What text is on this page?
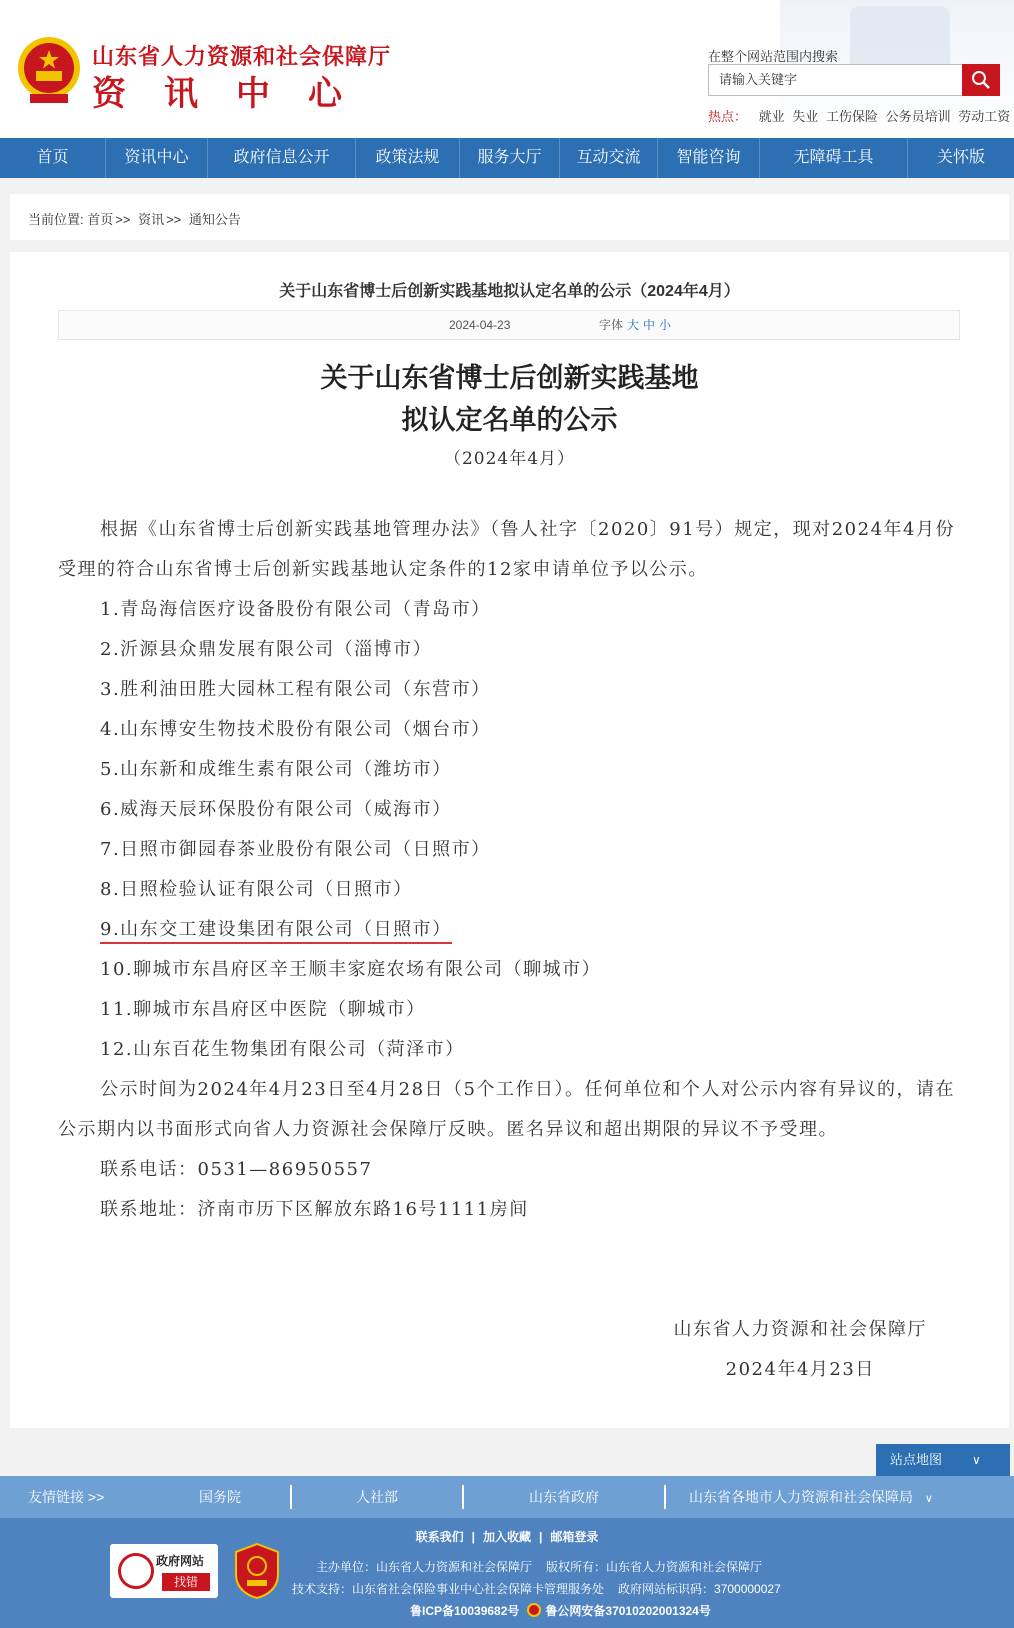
山东省人力资源和社会保障厅
资讯中心
在整个网站范围内搜索
请输入关键字
热点： 就业 失业 工伤保险 公务员培训 劳动工资
首页	资讯中心	政府信息公开	政策法规	服务大厅	互动交流	智能咨询	无障碍工具	关怀版
当前位置: 首页 >> 资讯 >> 通知公告
关于山东省博士后创新实践基地拟认定名单的公示（2024年4月）
2024-04-23	字体 大 中 小
关于山东省博士后创新实践基地
拟认定名单的公示
（2024年4月）

根据《山东省博士后创新实践基地管理办法》（鲁人社字〔2020〕91号）规定，现对2024年4月份受理的符合山东省博士后创新实践基地认定条件的12家申请单位予以公示。

1.青岛海信医疗设备股份有限公司（青岛市）

2.沂源县众鼎发展有限公司（淄博市）

3.胜利油田胜大园林工程有限公司（东营市）

4.山东博安生物技术股份有限公司（烟台市）

5.山东新和成维生素有限公司（潍坊市）

6.威海天辰环保股份有限公司（威海市）

7.日照市御园春茶业股份有限公司（日照市）

8.日照检验认证有限公司（日照市）

9.山东交工建设集团有限公司（日照市）

10.聊城市东昌府区辛王顺丰家庭农场有限公司（聊城市）

11.聊城市东昌府区中医院（聊城市）

12.山东百花生物集团有限公司（菏泽市）

公示时间为2024年4月23日至4月28日（5个工作日）。任何单位和个人对公示内容有异议的，请在公示期内以书面形式向省人力资源社会保障厅反映。匿名异议和超出期限的异议不予受理。

联系电话：0531—86950557

联系地址：济南市历下区解放东路16号1111房间

山东省人力资源和社会保障厅
2024年4月23日
站点地图 ∨
友情链接 >>	国务院	人社部	山东省政府	山东省各地市人力资源和社会保障局 ∨
联系我们 | 加入收藏 | 邮箱登录
政府网站
找错
主办单位：山东省人力资源和社会保障厅 版权所有：山东省人力资源和社会保障厅
技术支持：山东省社会保险事业中心社会保障卡管理服务处 政府网站标识码：3700000027
鲁ICP备10039682号 鲁公网安备37010202001324号
